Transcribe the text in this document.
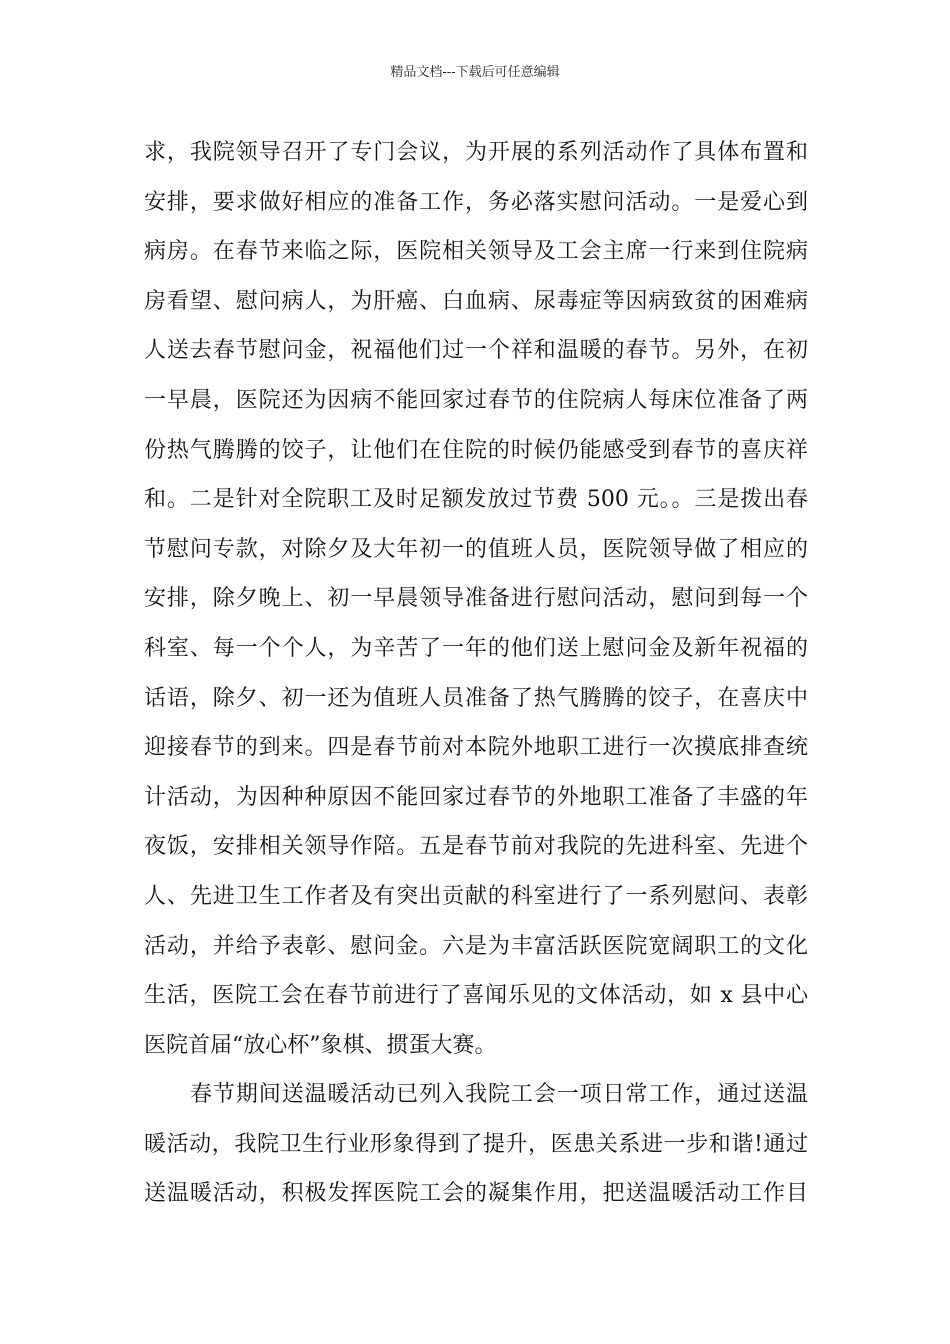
精品文档---下载后可任意编辑
求，我院领导召开了专门会议，为开展的系列活动作了具体布置和
安排，要求做好相应的准备工作，务必落实慰问活动。一是爱心到
病房。在春节来临之际，医院相关领导及工会主席一行来到住院病
房看望、慰问病人，为肝癌、白血病、尿毒症等因病致贫的困难病
人送去春节慰问金，祝福他们过一个祥和温暖的春节。另外，在初
一早晨，医院还为因病不能回家过春节的住院病人每床位准备了两
份热气腾腾的饺子，让他们在住院的时候仍能感受到春节的喜庆祥
和。二是针对全院职工及时足额发放过节费 500 元。。三是拨出春
节慰问专款，对除夕及大年初一的值班人员，医院领导做了相应的
安排，除夕晚上、初一早晨领导准备进行慰问活动，慰问到每一个
科室、每一个个人，为辛苦了一年的他们送上慰问金及新年祝福的
话语，除夕、初一还为值班人员准备了热气腾腾的饺子，在喜庆中
迎接春节的到来。四是春节前对本院外地职工进行一次摸底排查统
计活动，为因种种原因不能回家过春节的外地职工准备了丰盛的年
夜饭，安排相关领导作陪。五是春节前对我院的先进科室、先进个
人、先进卫生工作者及有突出贡献的科室进行了一系列慰问、表彰
活动，并给予表彰、慰问金。六是为丰富活跃医院宽阔职工的文化
生活，医院工会在春节前进行了喜闻乐见的文体活动，如 x 县中心
医院首届“放心杯”象棋、掼蛋大赛。
春节期间送温暖活动已列入我院工会一项日常工作，通过送温
暖活动，我院卫生行业形象得到了提升，医患关系进一步和谐!通过
送温暖活动，积极发挥医院工会的凝集作用，把送温暖活动工作目
